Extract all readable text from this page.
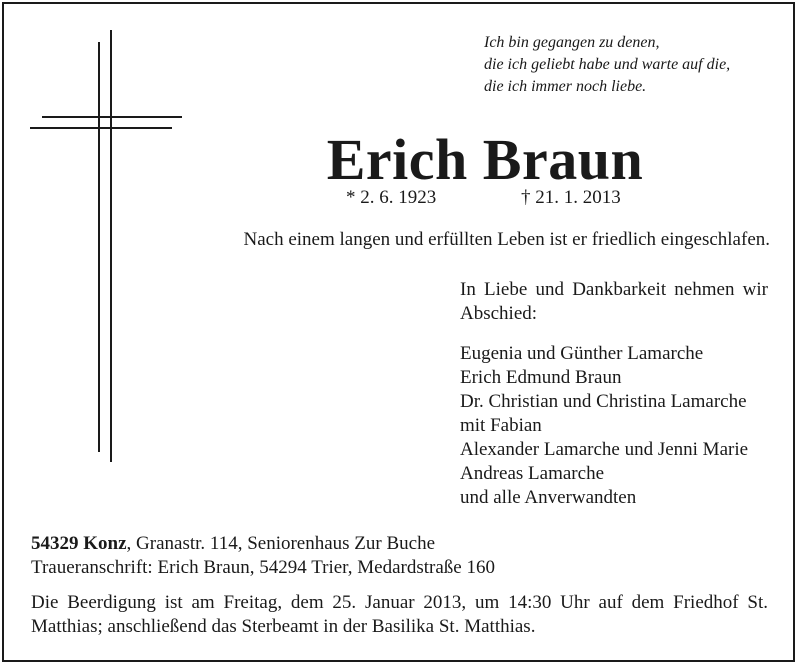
Ich bin gegangen zu denen,
die ich geliebt habe und warte auf die,
die ich immer noch liebe.
Erich Braun
* 2. 6. 1923	† 21. 1. 2013
Nach einem langen und erfüllten Leben ist er friedlich eingeschlafen.
In Liebe und Dankbarkeit nehmen wir Abschied:
Eugenia und Günther Lamarche
Erich Edmund Braun
Dr. Christian und Christina Lamarche
mit Fabian
Alexander Lamarche und Jenni Marie
Andreas Lamarche
und alle Anverwandten
54329 Konz, Granastr. 114, Seniorenhaus Zur Buche
Traueranschrift: Erich Braun, 54294 Trier, Medardstraße 160
Die Beerdigung ist am Freitag, dem 25. Januar 2013, um 14:30 Uhr auf dem Friedhof St. Matthias; anschließend das Sterbeamt in der Basilika St. Matthias.
